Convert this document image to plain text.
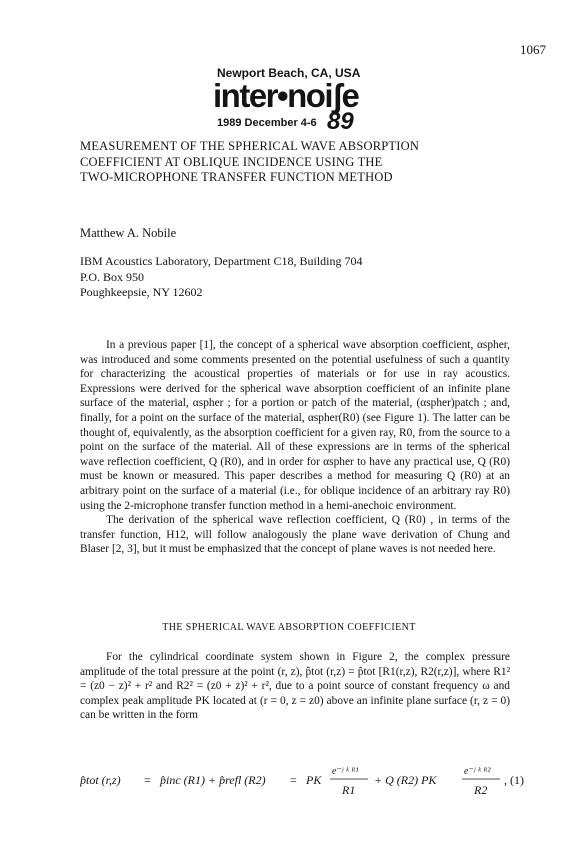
1067
Newport Beach, CA, USA
inter•noiʃe
1989 December 4-6 89
MEASUREMENT OF THE SPHERICAL WAVE ABSORPTION
COEFFICIENT AT OBLIQUE INCIDENCE USING THE
TWO-MICROPHONE TRANSFER FUNCTION METHOD
Matthew A. Nobile
IBM Acoustics Laboratory, Department C18, Building 704
P.O. Box 950
Poughkeepsie, NY 12602

In a previous paper [1], the concept of a spherical wave absorption coefficient, αspher, was introduced and some comments presented on the potential usefulness of such a quantity for characterizing the acoustical properties of materials or for use in ray acoustics. Expressions were derived for the spherical wave absorption coefficient of an infinite plane surface of the material, αspher ; for a portion or patch of the material, (αspher)patch ; and, finally, for a point on the surface of the material, αspher(R0) (see Figure 1). The latter can be thought of, equivalently, as the absorption coefficient for a given ray, R0, from the source to a point on the surface of the material. All of these expressions are in terms of the spherical wave reflection coefficient, Q (R0), and in order for αspher to have any practical use, Q (R0) must be known or measured. This paper describes a method for measuring Q (R0) at an arbitrary point on the surface of a material (i.e., for oblique incidence of an arbitrary ray R0) using the 2-microphone transfer function method in a hemi-anechoic environment.

The derivation of the spherical wave reflection coefficient, Q (R0) , in terms of the transfer function, H12, will follow analogously the plane wave derivation of Chung and Blaser [2, 3], but it must be emphasized that the concept of plane waves is not needed here.

THE SPHERICAL WAVE ABSORPTION COEFFICIENT

For the cylindrical coordinate system shown in Figure 2, the complex pressure amplitude of the total pressure at the point (r, z), p̂tot (r,z) = p̂tot [R1(r,z), R2(r,z)], where R1² = (z0 − z)² + r² and R2² = (z0 + z)² + r², due to a point source of constant frequency ω and complex peak amplitude PK located at (r = 0, z = z0) above an infinite plane surface (r, z = 0) can be written in the form

p̂tot (r,z) = p̂inc (R1) + p̂refl (R2) = PK
e⁻ʲ ᵏ ᴿ¹
R1
+ Q (R2) PK
e⁻ʲ ᵏ ᴿ²
R2
, (1)
